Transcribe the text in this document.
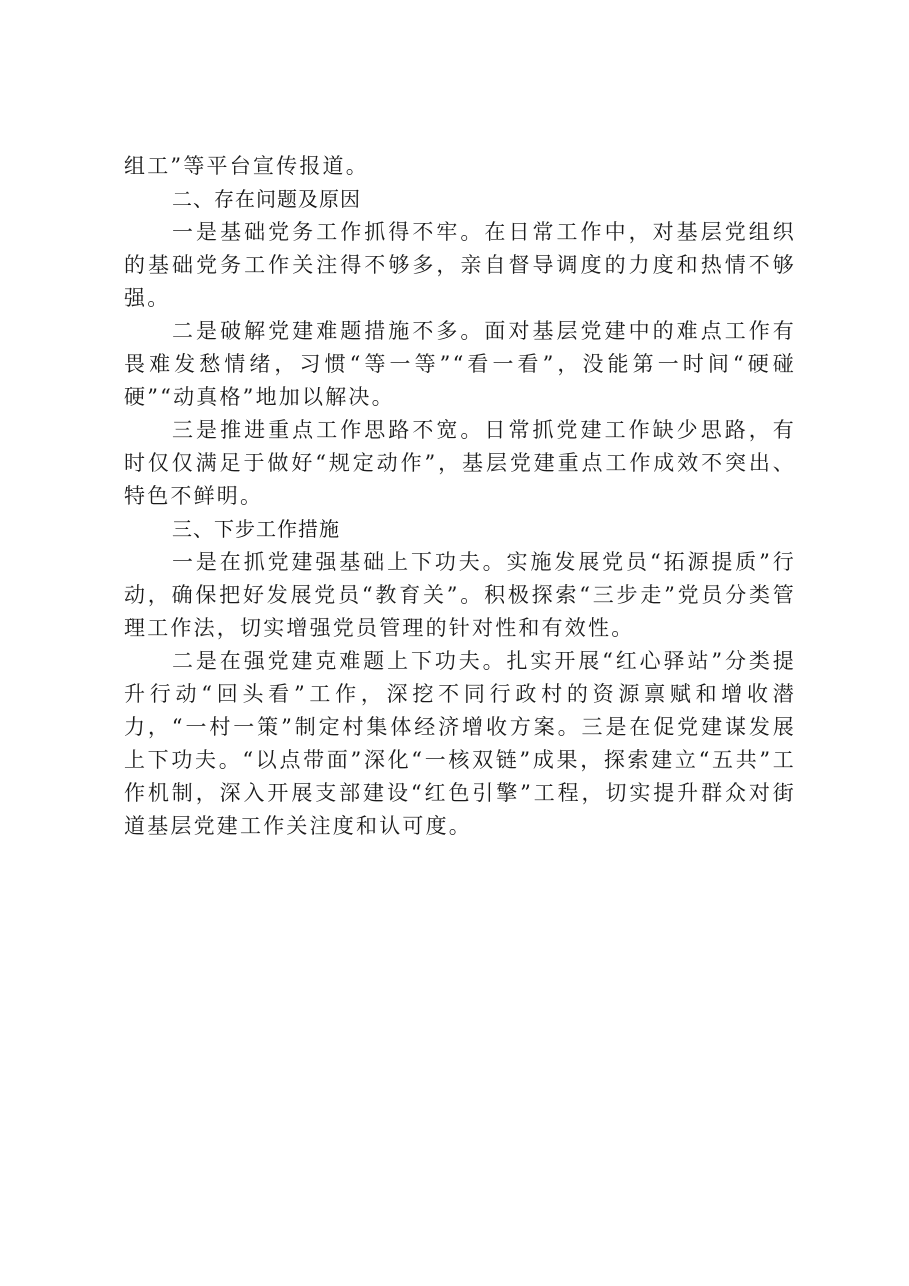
组工”等平台宣传报道。

二、存在问题及原因

一是基础党务工作抓得不牢。在日常工作中，对基层党组织的基础党务工作关注得不够多，亲自督导调度的力度和热情不够强。

二是破解党建难题措施不多。面对基层党建中的难点工作有畏难发愁情绪，习惯“等一等”“看一看”，没能第一时间“硬碰硬”“动真格”地加以解决。

三是推进重点工作思路不宽。日常抓党建工作缺少思路，有时仅仅满足于做好“规定动作”，基层党建重点工作成效不突出、特色不鲜明。

三、下步工作措施

一是在抓党建强基础上下功夫。实施发展党员“拓源提质”行动，确保把好发展党员“教育关”。积极探索“三步走”党员分类管理工作法，切实增强党员管理的针对性和有效性。

二是在强党建克难题上下功夫。扎实开展“红心驿站”分类提升行动“回头看”工作，深挖不同行政村的资源禀赋和增收潜力，“一村一策”制定村集体经济增收方案。三是在促党建谋发展上下功夫。“以点带面”深化“一核双链”成果，探索建立“五共”工作机制，深入开展支部建设“红色引擎”工程，切实提升群众对街道基层党建工作关注度和认可度。
